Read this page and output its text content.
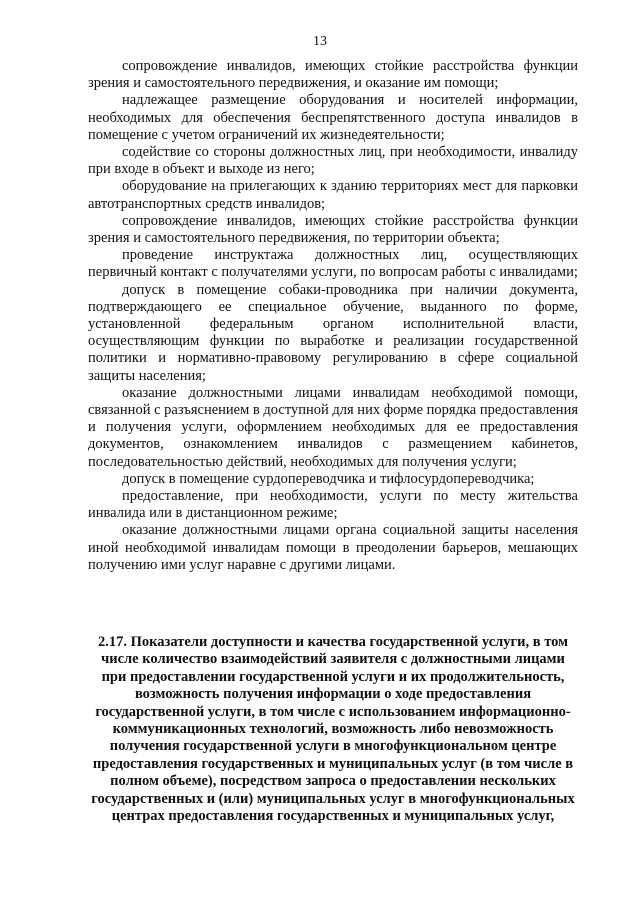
13

сопровождение инвалидов, имеющих стойкие расстройства функции зрения и самостоятельного передвижения, и оказание им помощи;

надлежащее размещение оборудования и носителей информации, необходимых для обеспечения беспрепятственного доступа инвалидов в помещение с учетом ограничений их жизнедеятельности;

содействие со стороны должностных лиц, при необходимости, инвалиду при входе в объект и выходе из него;

оборудование на прилегающих к зданию территориях мест для парковки автотранспортных средств инвалидов;

сопровождение инвалидов, имеющих стойкие расстройства функции зрения и самостоятельного передвижения, по территории объекта;

проведение инструктажа должностных лиц, осуществляющих первичный контакт с получателями услуги, по вопросам работы с инвалидами;

допуск в помещение собаки-проводника при наличии документа, подтверждающего ее специальное обучение, выданного по форме, установленной федеральным органом исполнительной власти, осуществляющим функции по выработке и реализации государственной политики и нормативно-правовому регулированию в сфере социальной защиты населения;

оказание должностными лицами инвалидам необходимой помощи, связанной с разъяснением в доступной для них форме порядка предоставления и получения услуги, оформлением необходимых для ее предоставления документов, ознакомлением инвалидов с размещением кабинетов, последовательностью действий, необходимых для получения услуги;

допуск в помещение сурдопереводчика и тифлосурдопереводчика;

предоставление, при необходимости, услуги по месту жительства инвалида или в дистанционном режиме;

оказание должностными лицами органа социальной защиты населения иной необходимой инвалидам помощи в преодолении барьеров, мешающих получению ими услуг наравне с другими лицами.

2.17. Показатели доступности и качества государственной услуги, в том числе количество взаимодействий заявителя с должностными лицами при предоставлении государственной услуги и их продолжительность, возможность получения информации о ходе предоставления государственной услуги, в том числе с использованием информационно-коммуникационных технологий, возможность либо невозможность получения государственной услуги в многофункциональном центре предоставления государственных и муниципальных услуг (в том числе в полном объеме), посредством запроса о предоставлении нескольких государственных и (или) муниципальных услуг в многофункциональных центрах предоставления государственных и муниципальных услуг,
